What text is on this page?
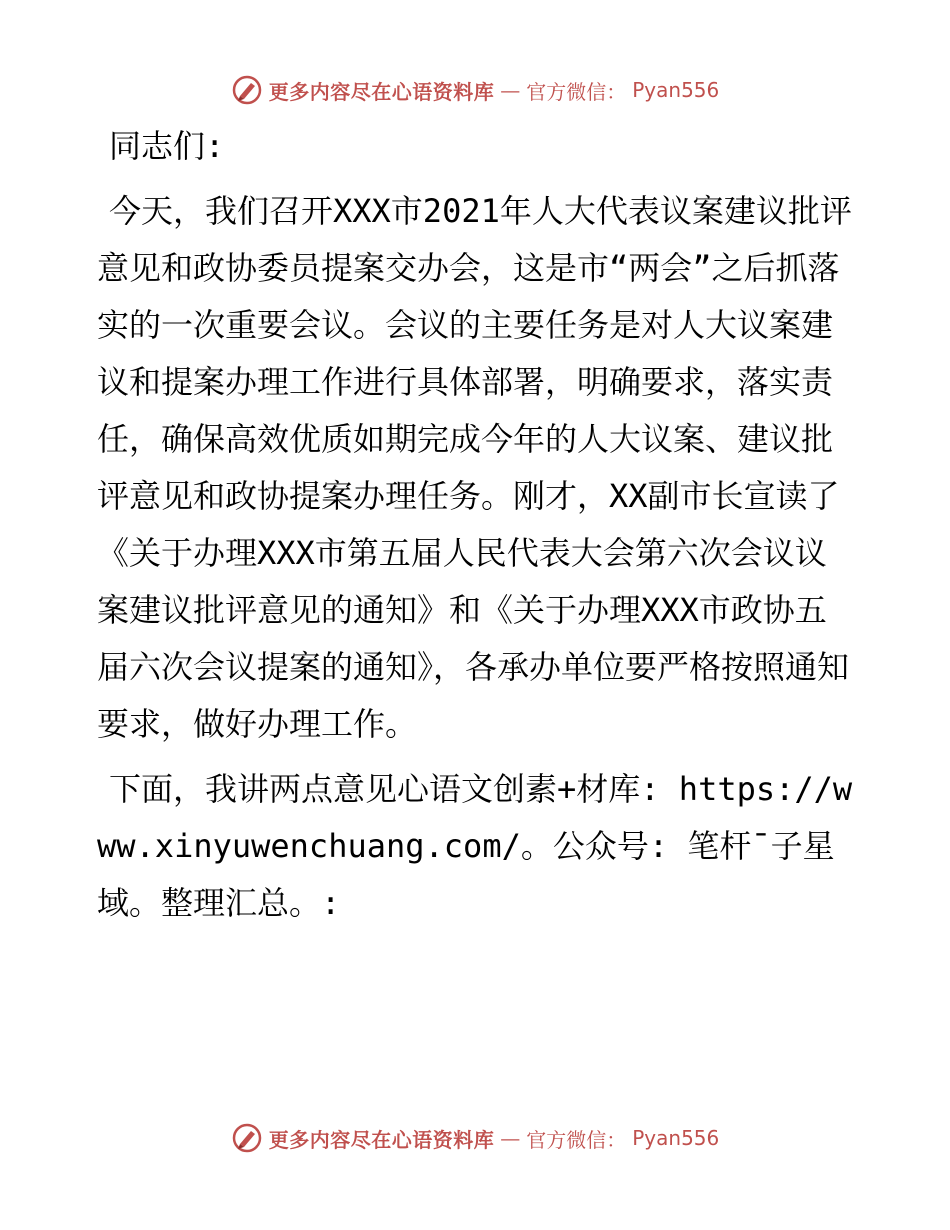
更多内容尽在心语资料库 — 官方微信： Pyan556

同志们:

今天，我们召开XXX市2021年人大代表议案建议批评意见和政协委员提案交办会，这是市“两会”之后抓落实的一次重要会议。会议的主要任务是对人大议案建议和提案办理工作进行具体部署，明确要求，落实责任，确保高效优质如期完成今年的人大议案、建议批评意见和政协提案办理任务。刚才，XX副市长宣读了《关于办理XXX市第五届人民代表大会第六次会议议案建议批评意见的通知》和《关于办理XXX市政协五届六次会议提案的通知》，各承办单位要严格按照通知要求，做好办理工作。

下面，我讲两点意见心语文创素+材库: https://www.xinyuwenchuang.com/。公众号: 笔杆¯子星域。整理汇总。:

更多内容尽在心语资料库 — 官方微信： Pyan556
